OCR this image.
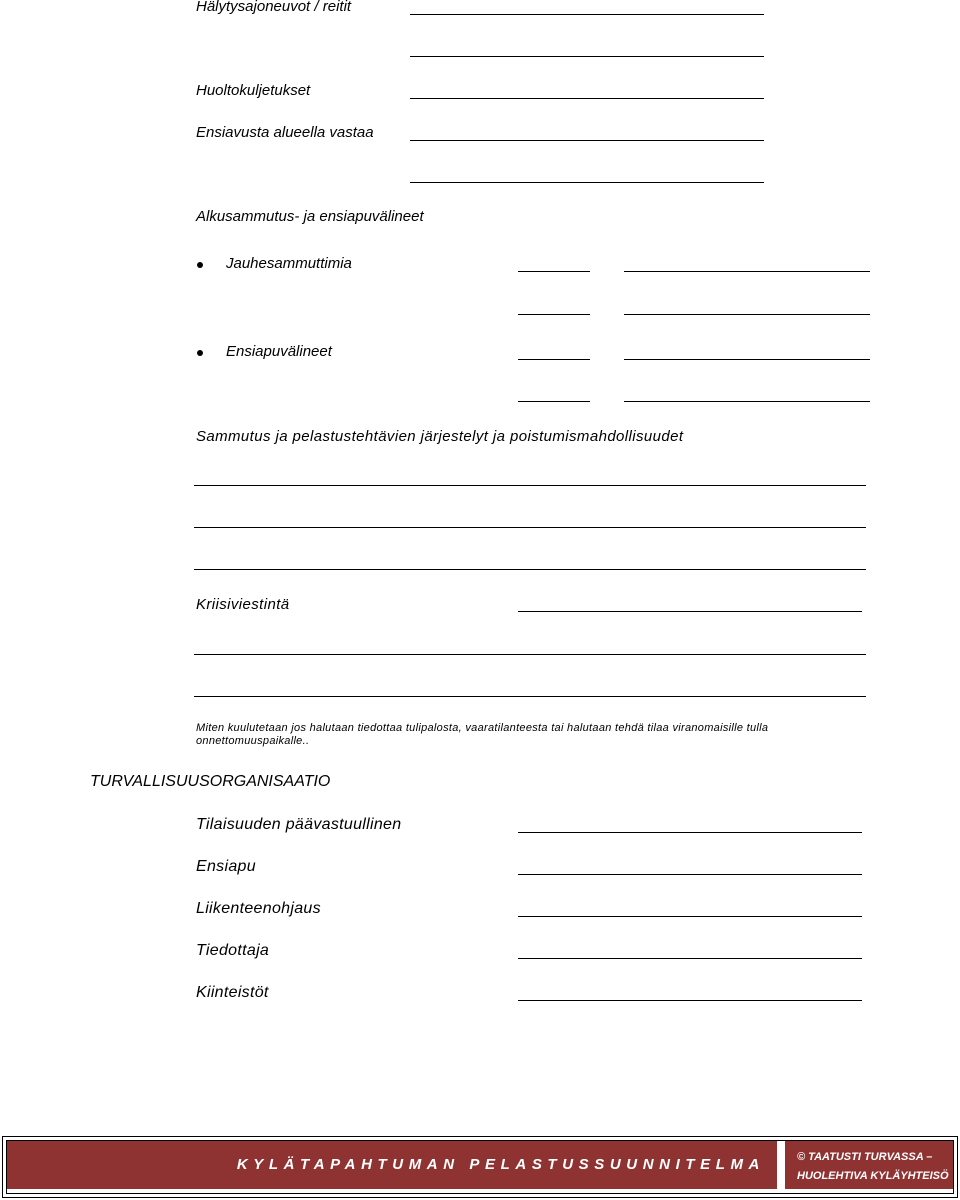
Hälytysajoneuvot / reitit
Huoltokuljetukset
Ensiavusta alueella vastaa
Alkusammutus- ja ensiapuvälineet
Jauhesammuttimia
Ensiapuvälineet
Sammutus ja pelastustehtävien järjestelyt ja poistumismahdollisuudet
Kriisiviestintä
Miten kuulutetaan jos halutaan tiedottaa tulipalosta, vaaratilanteesta tai halutaan tehdä tilaa viranomaisille tulla onnettomuuspaikalle..
TURVALLISUUSORGANISAATIO
Tilaisuuden päävastuullinen
Ensiapu
Liikenteenohjaus
Tiedottaja
Kiinteistöt
KYLÄTAPAHTUMAN PELASTUSSUUNNITELMA	© TAATUSTI TURVASSA –
HUOLEHTIVA KYLÄYHTEISÖ
